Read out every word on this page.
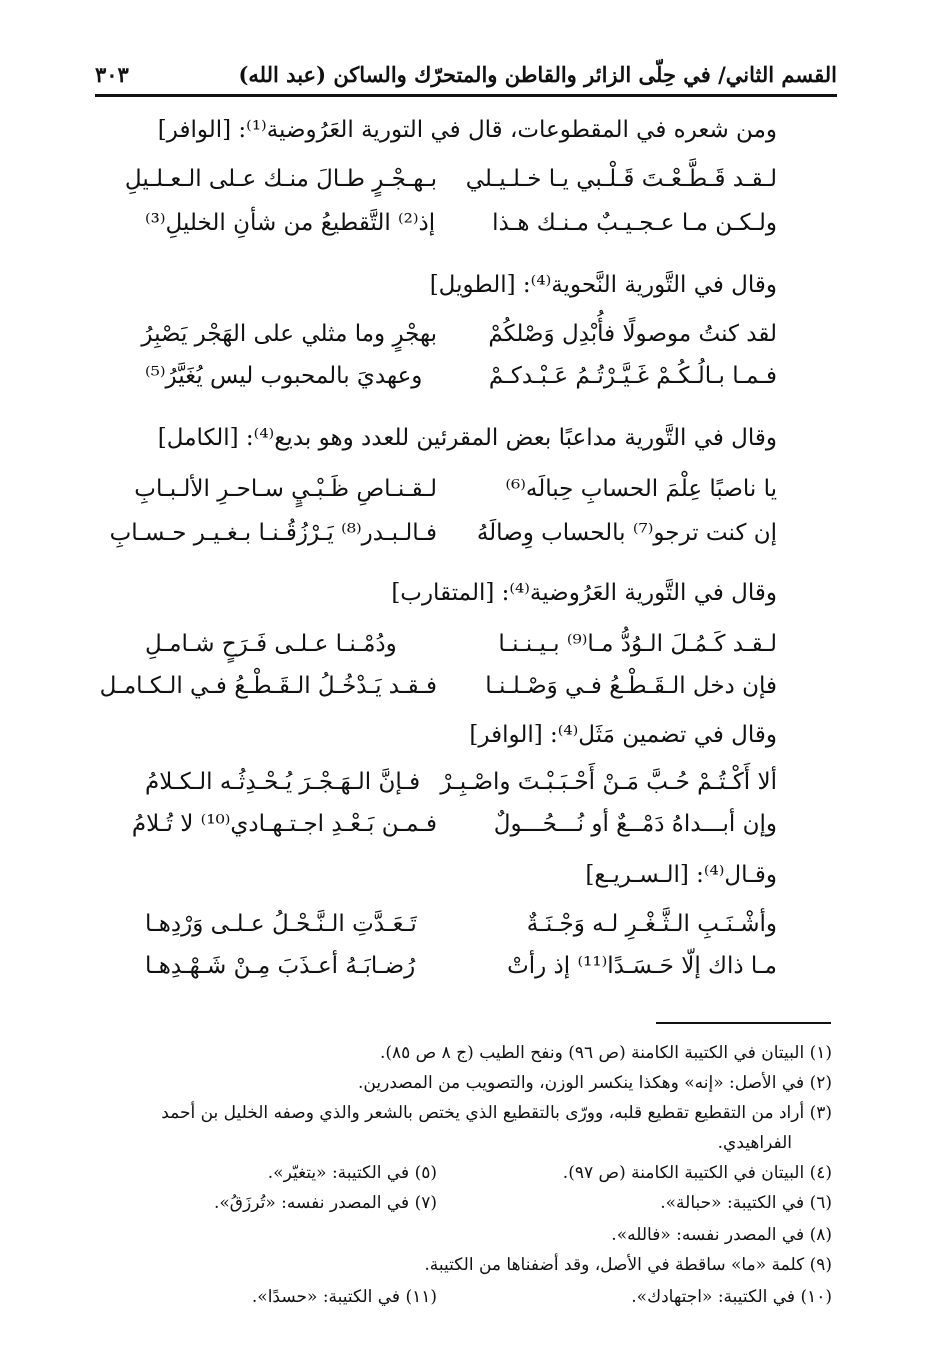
القسم الثاني/ في حِلّى الزائر والقاطن والمتحرّك والساكن (عبد الله)
٣٠٣
ومن شعره في المقطوعات، قال في التورية العَرُوضية⁽¹⁾: [الوافر]
لـقـد قَـطَّـعْـتَ قَـلْـبي يـا خـلـيـلي
بـهـجْـرٍ طـالَ منـك عـلى الـعـلـيلِ
ولـكـن مـا عـجـيـبٌ مـنـك هـذا
إذ⁽²⁾ التَّقطيعُ من شأنِ الخليلِ⁽³⁾
وقال في التَّورية النَّحوية⁽⁴⁾: [الطويل]
لقد كنتُ موصولًا فأُبْدِل وَصْلكُمْ
بهجْرٍ وما مثلي على الهَجْر يَصْبِرُ
فـمـا بـالُـكُـمْ غَـيَّـرْتُـمُ عَـبْـدكـمْ
وعهديَ بالمحبوب ليس يُغَيَّرُ⁽⁵⁾
وقال في التَّورية مداعبًا بعض المقرئين للعدد وهو بديع⁽⁴⁾: [الكامل]
يا ناصبًا عِلْمَ الحسابِ حِبالَه⁽⁶⁾
لـقـنـاصِ ظَـبْـيٍ سـاحـرِ الألـبـابِ
إن كنت ترجو⁽⁷⁾ بالحساب وِصالَهُ
فـالـبـدر⁽⁸⁾ يَـرْزُقُـنـا بـغـيـر حـسـابِ
وقال في التَّورية العَرُوضية⁽⁴⁾: [المتقارب]
لـقـد كَـمُـلَ الـوُدُّ مـا⁽⁹⁾ بـيـنـنـا
ودُمْـنـا عـلـى فَـرَحٍ شـامـلِ
فإن دخل الـقَـطْـعُ فـي وَصْـلـنـا
فـقـد يَـدْخُـلُ الـقَـطْـعُ فـي الـكـامـل
وقال في تضمين مَثَل⁽⁴⁾: [الوافر]
ألا أَكْـتُـمْ حُـبَّ مَـنْ أَحْـبَـبْـتَ واصْـبِـرْ
فـإنَّ الـهَـجْـرَ يُـحْـدِثُـه الـكـلامُ
وإن أبـــداهُ دَمْــعٌ أو نُـــحُـــولٌ
فـمـن بَـعْـدِ اجـتـهـادي⁽¹⁰⁾ لا تُـلامُ
وقـال⁽⁴⁾: [الـسـريـع]
وأشْـنَـبِ الـثَّـغْـرِ لـه وَجْـنَـةٌ
تَـعَـدَّتِ الـنَّـحْـلُ عـلـى وَرْدِهـا
مـا ذاك إلّا حَـسَـدًا⁽¹¹⁾ إذ رأتْ
رُضـابَـهُ أعـذَبَ مِـنْ شَـهْـدِهـا
(١) البيتان في الكتيبة الكامنة (ص ٩٦) ونفح الطيب (ج ٨ ص ٨٥).
(٢) في الأصل: «إنه» وهكذا ينكسر الوزن، والتصويب من المصدرين.
(٣) أراد من التقطيع تقطيع قلبه، وورّى بالتقطيع الذي يختص بالشعر والذي وصفه الخليل بن أحمد
الفراهيدي.
(٤) البيتان في الكتيبة الكامنة (ص ٩٧).
(٥) في الكتيبة: «يتغيّر».
(٦) في الكتيبة: «حبالة».
(٧) في المصدر نفسه: «تُرزَقُ».
(٨) في المصدر نفسه: «فالله».
(٩) كلمة «ما» ساقطة في الأصل، وقد أضفناها من الكتيبة.
(١٠) في الكتيبة: «اجتهادك».
(١١) في الكتيبة: «حسدًا».
